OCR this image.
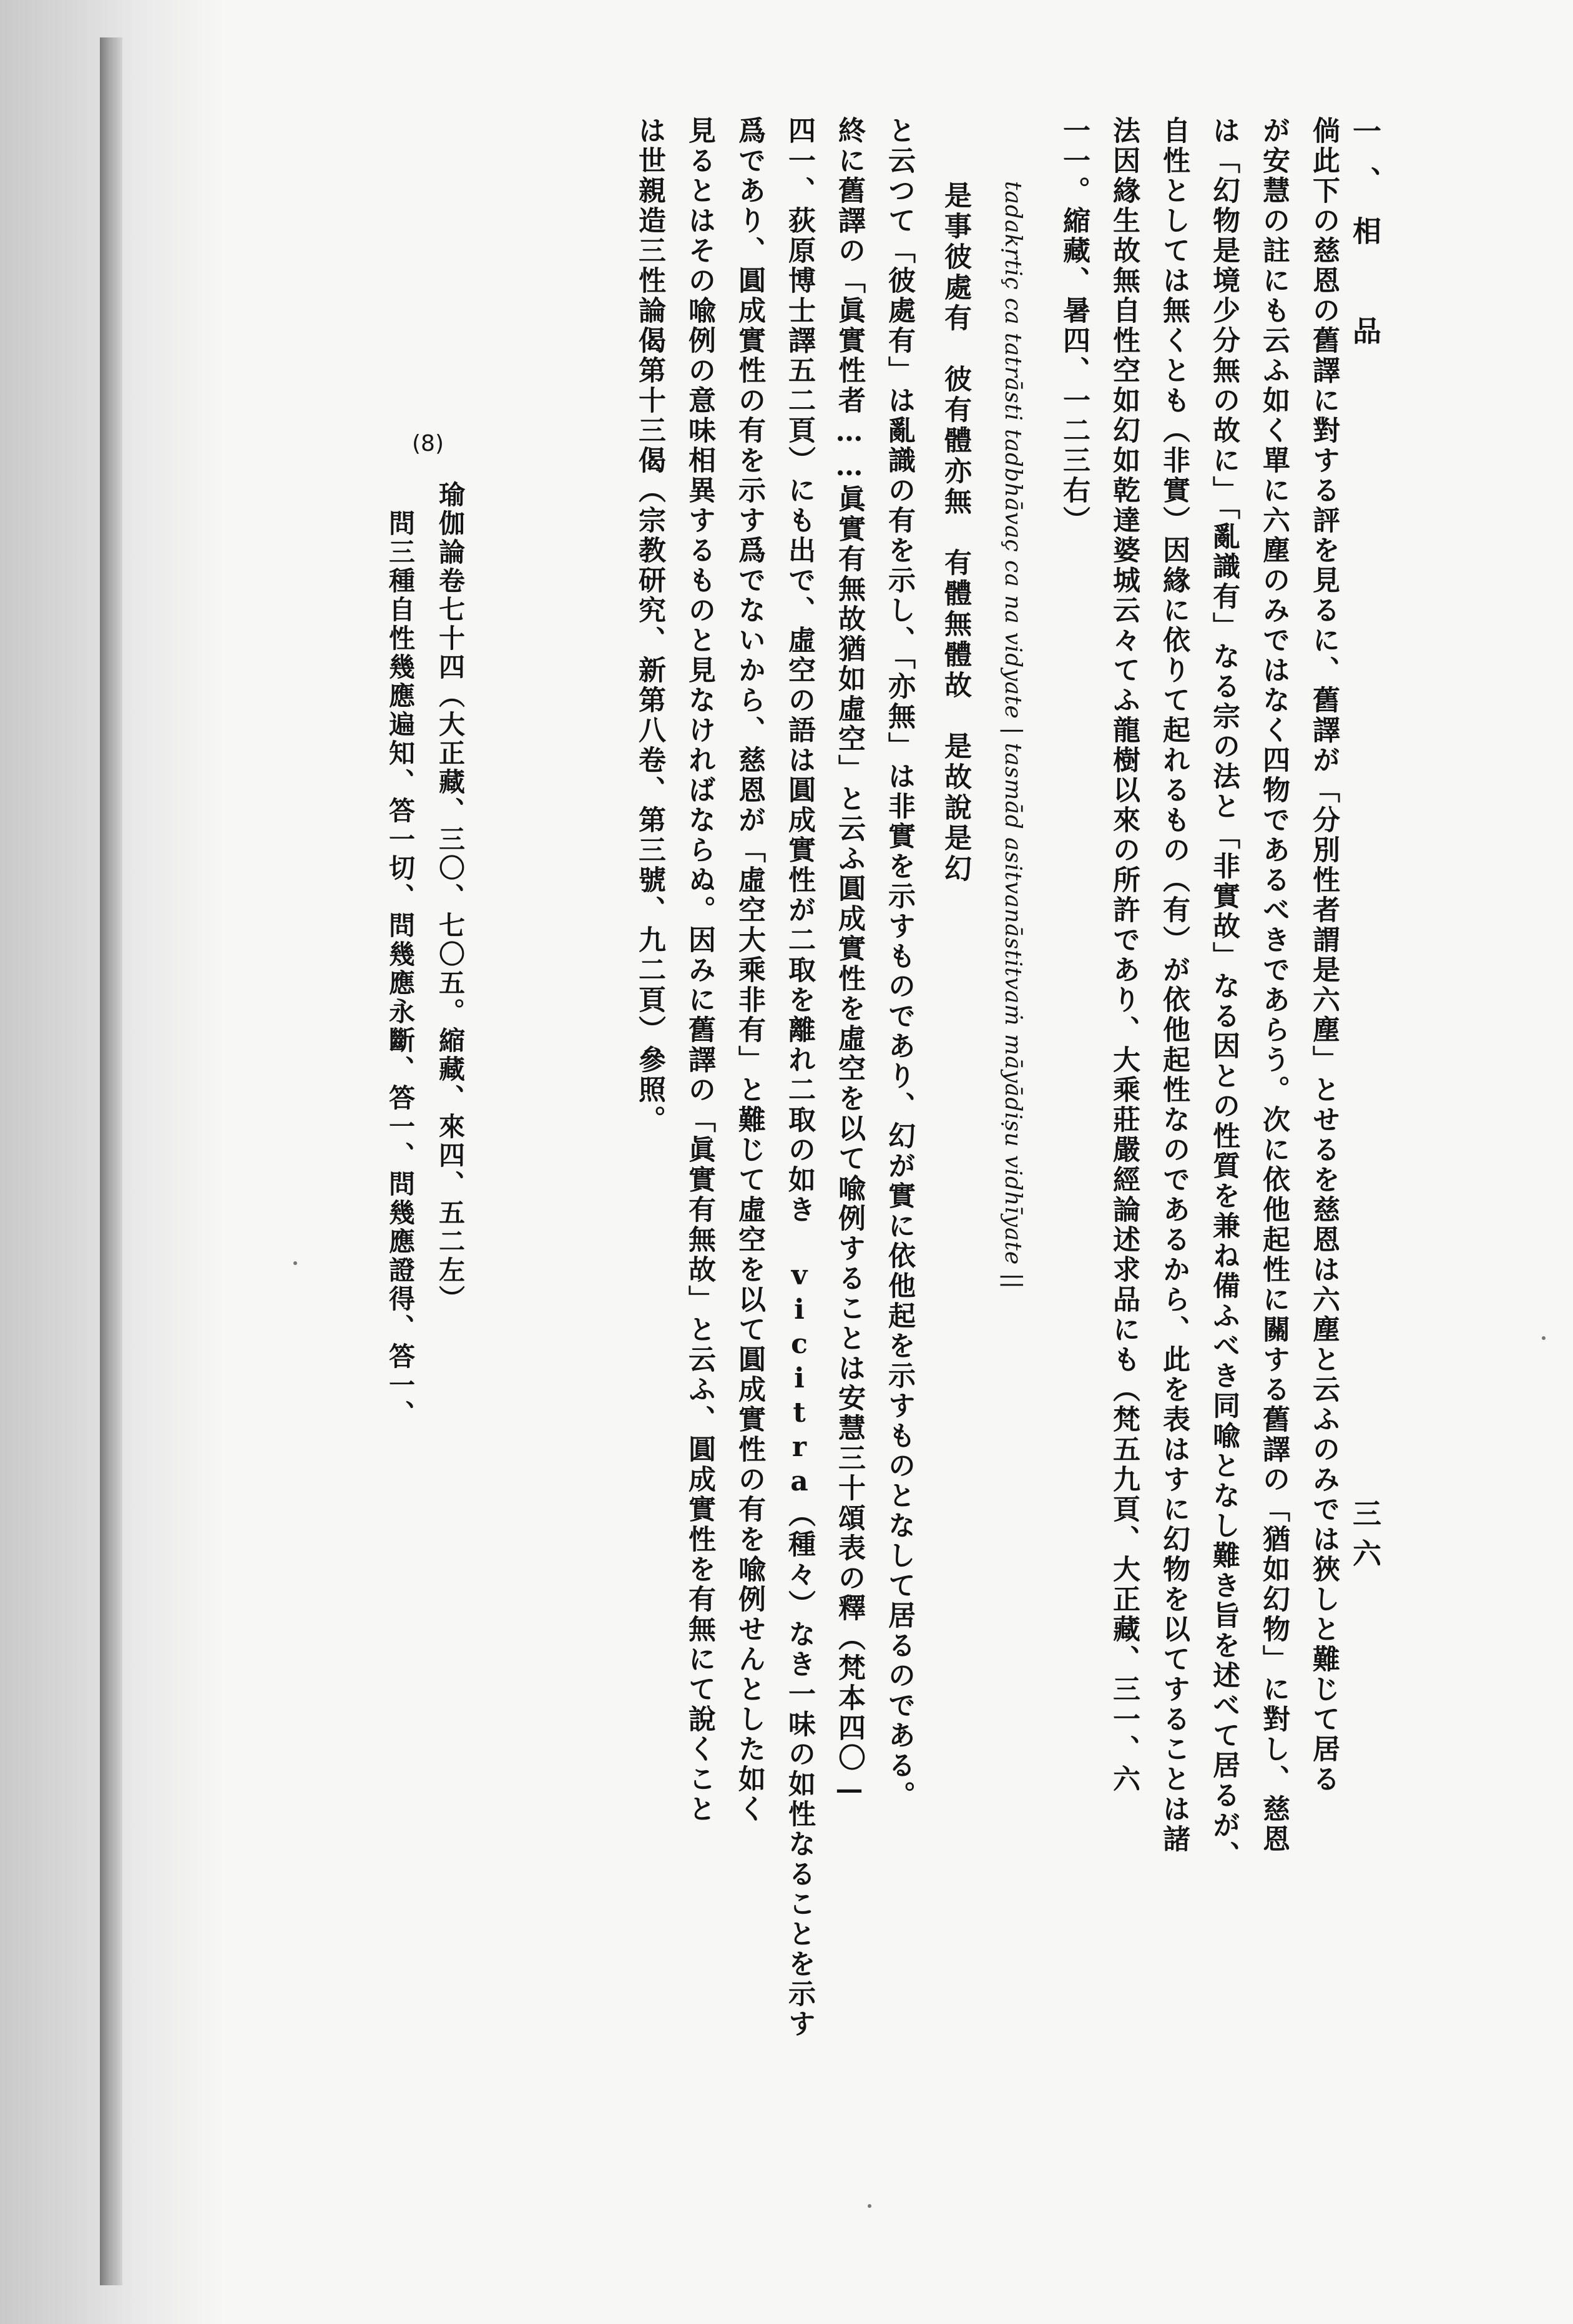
一、相　品
三六
倘此下の慈恩の舊譯に對する評を見るに、舊譯が「分別性者謂是六塵」とせるを慈恩は六塵と云ふのみでは狹しと難じて居る
が安慧の註にも云ふ如く單に六塵のみではなく四物であるべきであらう。次に依他起性に關する舊譯の「猶如幻物」に對し、慈恩
は「幻物是境少分無の故に」「亂識有」なる宗の法と「非實故」なる因との性質を兼ね備ふべき同喩となし難き旨を述べて居るが、
自性としては無くとも（非實）因緣に依りて起れるもの（有）が依他起性なのであるから、此を表はすに幻物を以てすることは諸
法因緣生故無自性空如幻如乾達婆城云々てふ龍樹以來の所許であり、大乘莊嚴經論述求品にも（梵五九頁、大正藏、三一、六
一一。縮藏、暑四、一二三右）
tadakṛtiç ca tatrāsti tadbhāvaç ca na vidyate | tasmād asitvanāstitvaṁ māyādiṣu vidhīyate ||
是事彼處有　彼有體亦無　有體無體故　是故說是幻
と云つて「彼處有」は亂識の有を示し、「亦無」は非實を示すものであり、幻が實に依他起を示すものとなして居るのである。
終に舊譯の「眞實性者……眞實有無故猶如虛空」と云ふ圓成實性を虛空を以て喩例することは安慧三十頌表の釋（梵本四〇—
四一、荻原博士譯五二頁）にも出で、虛空の語は圓成實性が二取を離れ二取の如き vicitra（種々）なき一味の如性なることを示す
爲であり、圓成實性の有を示す爲でないから、慈恩が「虛空大乘非有」と難じて虛空を以て圓成實性の有を喩例せんとした如く
見るとはその喩例の意味相異するものと見なければならぬ。因みに舊譯の「眞實有無故」と云ふ、圓成實性を有無にて說くこと
は世親造三性論偈第十三偈（宗教研究、新第八卷、第三號、九二頁）參照。
(8)
瑜伽論卷七十四（大正藏、三〇、七〇五。縮藏、來四、五二左）
　問三種自性幾應遍知、答一切、問幾應永斷、答一、問幾應證得、答一、
